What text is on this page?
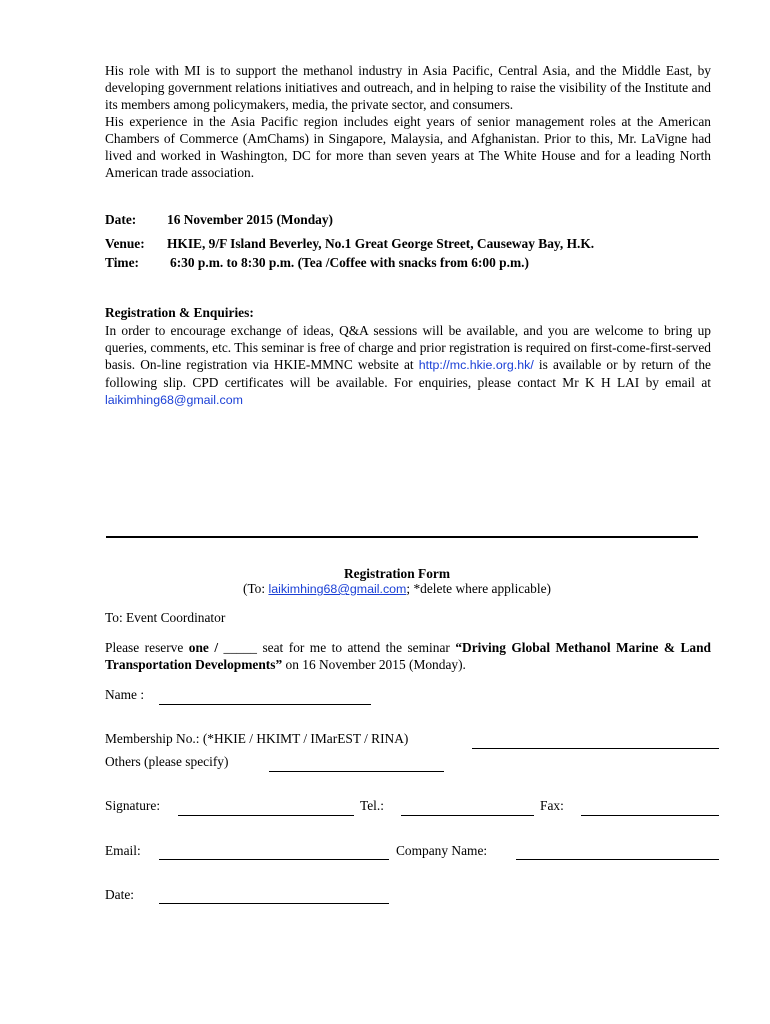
His role with MI is to support the methanol industry in Asia Pacific, Central Asia, and the Middle East, by developing government relations initiatives and outreach, and in helping to raise the visibility of the Institute and its members among policymakers, media, the private sector, and consumers.
His experience in the Asia Pacific region includes eight years of senior management roles at the American Chambers of Commerce (AmChams) in Singapore, Malaysia, and Afghanistan. Prior to this, Mr. LaVigne had lived and worked in Washington, DC for more than seven years at The White House and for a leading North American trade association.
Date: 16 November 2015 (Monday)
Venue: HKIE, 9/F Island Beverley, No.1 Great George Street, Causeway Bay, H.K.
Time: 6:30 p.m. to 8:30 p.m. (Tea /Coffee with snacks from 6:00 p.m.)
Registration & Enquiries:
In order to encourage exchange of ideas, Q&A sessions will be available, and you are welcome to bring up queries, comments, etc. This seminar is free of charge and prior registration is required on first-come-first-served basis. On-line registration via HKIE-MMNC website at http://mc.hkie.org.hk/ is available or by return of the following slip. CPD certificates will be available. For enquiries, please contact Mr K H LAI by email at laikimhing68@gmail.com
Registration Form
(To: laikimhing68@gmail.com; *delete where applicable)
To: Event Coordinator
Please reserve one / _____ seat for me to attend the seminar “Driving Global Methanol Marine & Land Transportation Developments” on 16 November 2015 (Monday).
Name :
Membership No.: (*HKIE / HKIMT / IMarEST / RINA)
Others (please specify)
Signature:	Tel.:	Fax:
Email:	Company Name:
Date:
